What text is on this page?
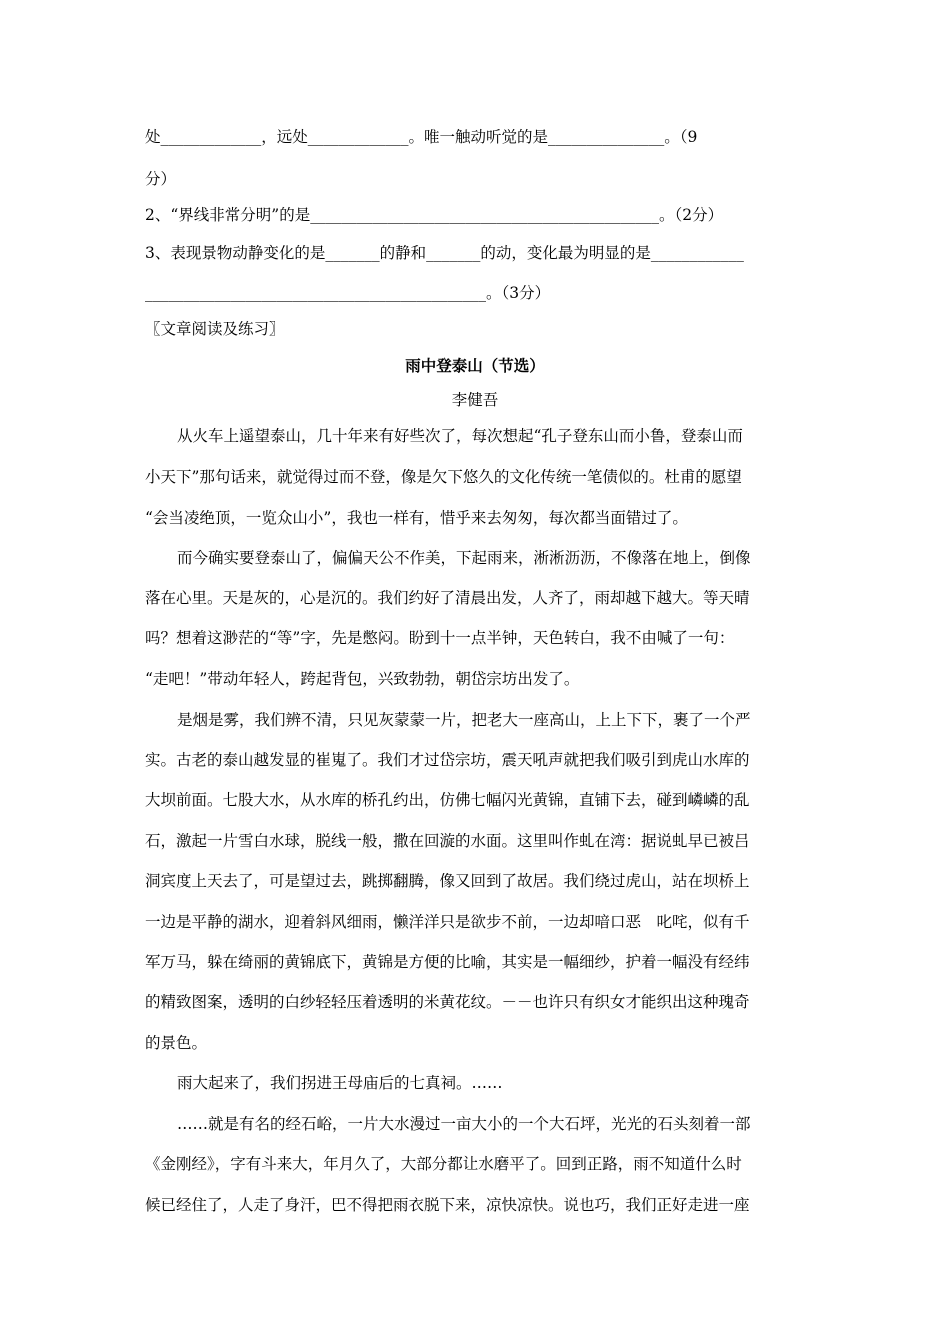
处_____________，远处_____________。唯一触动听觉的是_______________。（9
分）
2、“界线非常分明”的是_____________________________________________。（2分）
3、表现景物动静变化的是_______的静和_______的动，变化最为明显的是____________
____________________________________________。（3分）
〖文章阅读及练习〗
雨中登泰山（节选）
李健吾
从火车上遥望泰山，几十年来有好些次了，每次想起“孔子登东山而小鲁，登泰山而
小天下”那句话来，就觉得过而不登，像是欠下悠久的文化传统一笔债似的。杜甫的愿望
“会当凌绝顶，一览众山小”，我也一样有，惜乎来去匆匆，每次都当面错过了。
而今确实要登泰山了，偏偏天公不作美，下起雨来，淅淅沥沥，不像落在地上，倒像
落在心里。天是灰的，心是沉的。我们约好了清晨出发，人齐了，雨却越下越大。等天晴
吗？想着这渺茫的“等”字，先是憋闷。盼到十一点半钟，天色转白，我不由喊了一句：
“走吧！”带动年轻人，跨起背包，兴致勃勃，朝岱宗坊出发了。
是烟是雾，我们辨不清，只见灰蒙蒙一片，把老大一座高山，上上下下，裹了一个严
实。古老的泰山越发显的崔嵬了。我们才过岱宗坊，震天吼声就把我们吸引到虎山水库的
大坝前面。七股大水，从水库的桥孔约出，仿佛七幅闪光黄锦，直铺下去，碰到嶙嶙的乱
石，激起一片雪白水球，脱线一般，撒在回漩的水面。这里叫作虬在湾：据说虬早已被吕
洞宾度上天去了，可是望过去，跳掷翻腾，像又回到了故居。我们绕过虎山，站在坝桥上
一边是平静的湖水，迎着斜风细雨，懒洋洋只是欲步不前，一边却喑口恶　叱咤，似有千
军万马，躲在绮丽的黄锦底下，黄锦是方便的比喻，其实是一幅细纱，护着一幅没有经纬
的精致图案，透明的白纱轻轻压着透明的米黄花纹。－－也许只有织女才能织出这种瑰奇
的景色。
雨大起来了，我们拐进王母庙后的七真祠。……
……就是有名的经石峪，一片大水漫过一亩大小的一个大石坪，光光的石头刻着一部
《金刚经》，字有斗来大，年月久了，大部分都让水磨平了。回到正路，雨不知道什么时
候已经住了，人走了身汗，巴不得把雨衣脱下来，凉快凉快。说也巧，我们正好走进一座
